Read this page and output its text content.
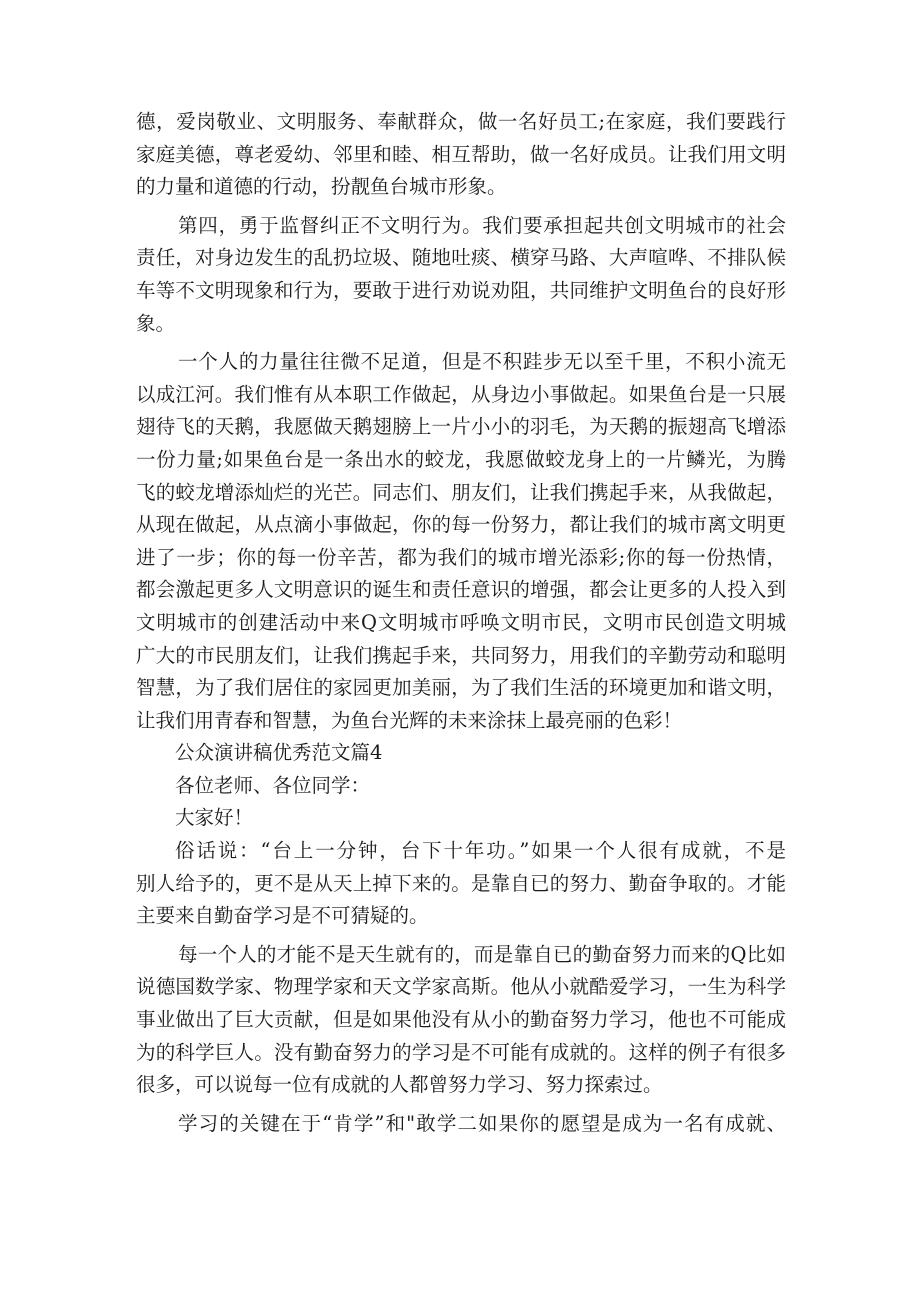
德，爱岗敬业、文明服务、奉献群众，做一名好员工;在家庭，我们要践行
家庭美德，尊老爱幼、邻里和睦、相互帮助，做一名好成员。让我们用文明
的力量和道德的行动，扮靓鱼台城市形象。
第四，勇于监督纠正不文明行为。我们要承担起共创文明城市的社会
责任，对身边发生的乱扔垃圾、随地吐痰、横穿马路、大声喧哗、不排队候
车等不文明现象和行为，要敢于进行劝说劝阻，共同维护文明鱼台的良好形
象。
一个人的力量往往微不足道，但是不积跬步无以至千里，不积小流无
以成江河。我们惟有从本职工作做起，从身边小事做起。如果鱼台是一只展
翅待飞的天鹅，我愿做天鹅翅膀上一片小小的羽毛，为天鹅的振翅高飞增添
一份力量;如果鱼台是一条出水的蛟龙，我愿做蛟龙身上的一片鳞光，为腾
飞的蛟龙增添灿烂的光芒。同志们、朋友们，让我们携起手来，从我做起，
从现在做起，从点滴小事做起，你的每一份努力，都让我们的城市离文明更
进了一步；你的每一份辛苦，都为我们的城市增光添彩;你的每一份热情，
都会激起更多人文明意识的诞生和责任意识的增强，都会让更多的人投入到
文明城市的创建活动中来Q文明城市呼唤文明市民，文明市民创造文明城
广大的市民朋友们，让我们携起手来，共同努力，用我们的辛勤劳动和聪明
智慧，为了我们居住的家园更加美丽，为了我们生活的环境更加和谐文明，
让我们用青春和智慧，为鱼台光辉的未来涂抹上最亮丽的色彩！
公众演讲稿优秀范文篇4
各位老师、各位同学：
大家好！
俗话说：“台上一分钟，台下十年功。”如果一个人很有成就，不是
别人给予的，更不是从天上掉下来的。是靠自已的努力、勤奋争取的。才能
主要来自勤奋学习是不可猜疑的。
每一个人的才能不是天生就有的，而是靠自已的勤奋努力而来的Q比如
说德国数学家、物理学家和天文学家高斯。他从小就酷爱学习，一生为科学
事业做出了巨大贡献，但是如果他没有从小的勤奋努力学习，他也不可能成
为的科学巨人。没有勤奋努力的学习是不可能有成就的。这样的例子有很多
很多，可以说每一位有成就的人都曾努力学习、努力探索过。
学习的关键在于“肯学”和"敢学二如果你的愿望是成为一名有成就、
